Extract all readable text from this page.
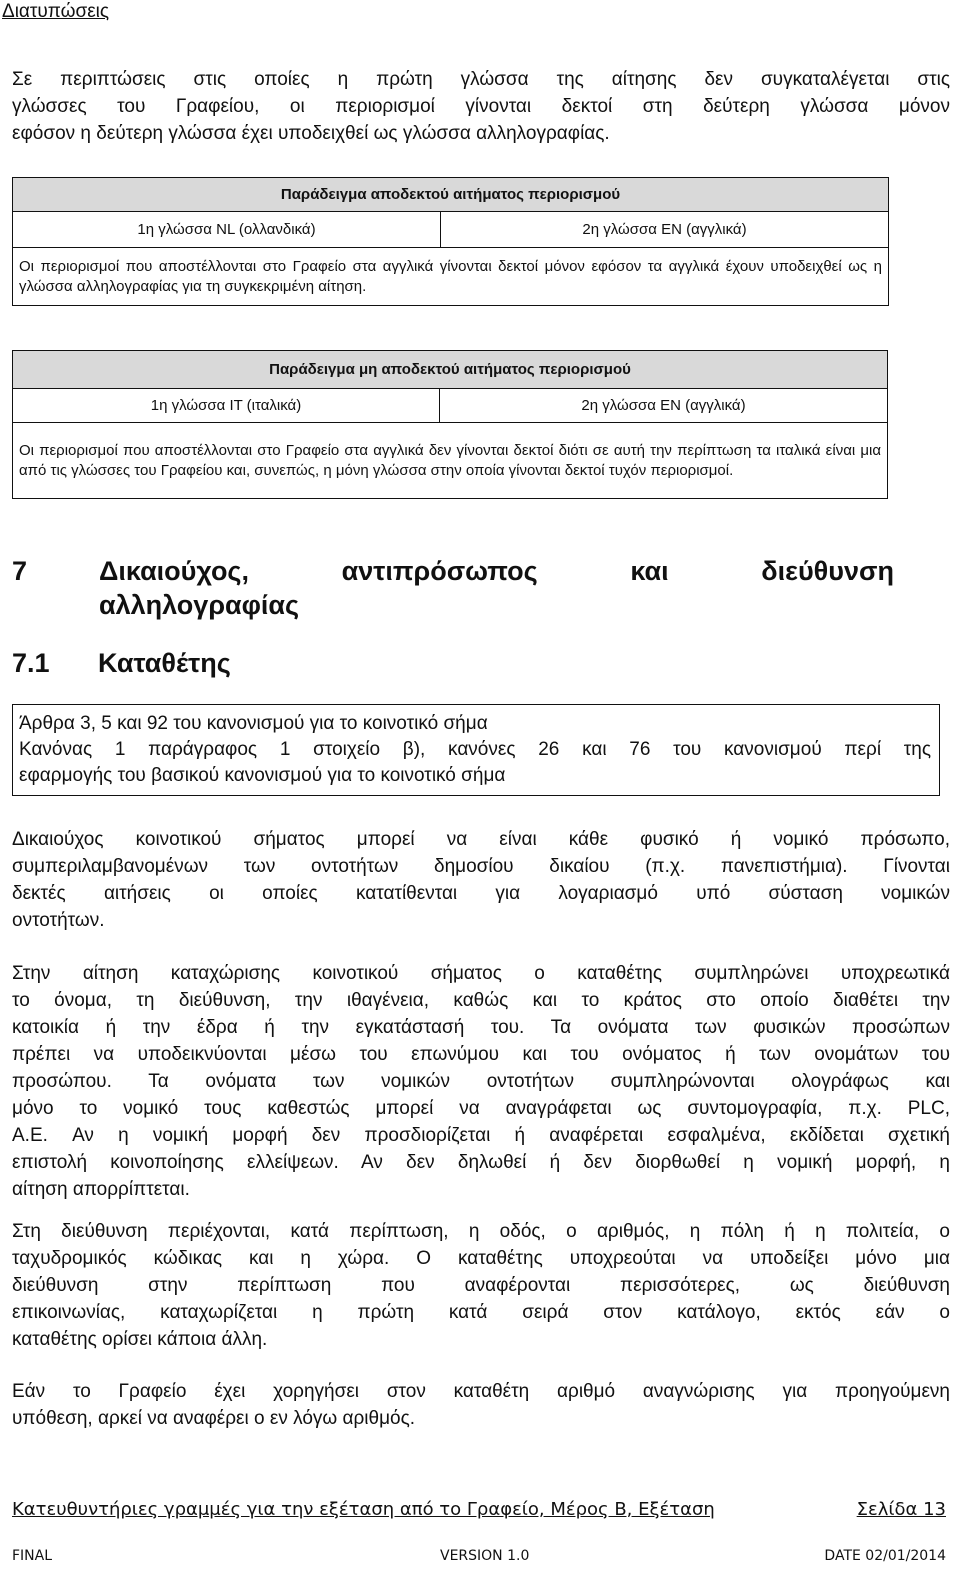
Διατυπώσεις
Σε περιπτώσεις στις οποίες η πρώτη γλώσσα της αίτησης δεν συγκαταλέγεται στις
γλώσσες του Γραφείου, οι περιορισμοί γίνονται δεκτοί στη δεύτερη γλώσσα μόνον
εφόσον η δεύτερη γλώσσα έχει υποδειχθεί ως γλώσσα αλληλογραφίας.
Παράδειγμα αποδεκτού αιτήματος περιορισμού
1η γλώσσα NL (ολλανδικά)	2η γλώσσα EN (αγγλικά)
Οι περιορισμοί που αποστέλλονται στο Γραφείο στα αγγλικά γίνονται δεκτοί μόνον εφόσον τα αγγλικά έχουν υποδειχθεί ως η γλώσσα αλληλογραφίας για τη συγκεκριμένη αίτηση.
Παράδειγμα μη αποδεκτού αιτήματος περιορισμού
1η γλώσσα IT (ιταλικά)	2η γλώσσα EN (αγγλικά)
Οι περιορισμοί που αποστέλλονται στο Γραφείο στα αγγλικά δεν γίνονται δεκτοί διότι σε αυτή την περίπτωση τα ιταλικά είναι μια από τις γλώσσες του Γραφείου και, συνεπώς, η μόνη γλώσσα στην οποία γίνονται δεκτοί τυχόν περιορισμοί.
7	Δικαιούχος,	αντιπρόσωπος	και	διεύθυνση
αλληλογραφίας
7.1 Καταθέτης
Άρθρα 3, 5 και 92 του κανονισμού για το κοινοτικό σήμα
Κανόνας 1 παράγραφος 1 στοιχείο β), κανόνες 26 και 76 του κανονισμού περί της
εφαρμογής του βασικού κανονισμού για το κοινοτικό σήμα
Δικαιούχος κοινοτικού σήματος μπορεί να είναι κάθε φυσικό ή νομικό πρόσωπο,
συμπεριλαμβανομένων των οντοτήτων δημοσίου δικαίου (π.χ. πανεπιστήμια). Γίνονται
δεκτές αιτήσεις οι οποίες κατατίθενται για λογαριασμό υπό σύσταση νομικών
οντοτήτων.
Στην αίτηση καταχώρισης κοινοτικού σήματος ο καταθέτης συμπληρώνει υποχρεωτικά
το όνομα, τη διεύθυνση, την ιθαγένεια, καθώς και το κράτος στο οποίο διαθέτει την
κατοικία ή την έδρα ή την εγκατάστασή του. Τα ονόματα των φυσικών προσώπων
πρέπει να υποδεικνύονται μέσω του επωνύμου και του ονόματος ή των ονομάτων του
προσώπου. Τα ονόματα των νομικών οντοτήτων συμπληρώνονται ολογράφως και
μόνο το νομικό τους καθεστώς μπορεί να αναγράφεται ως συντομογραφία, π.χ. PLC,
A.E. Αν η νομική μορφή δεν προσδιορίζεται ή αναφέρεται εσφαλμένα, εκδίδεται σχετική
επιστολή κοινοποίησης ελλείψεων. Αν δεν δηλωθεί ή δεν διορθωθεί η νομική μορφή, η
αίτηση απορρίπτεται.
Στη διεύθυνση περιέχονται, κατά περίπτωση, η οδός, ο αριθμός, η πόλη ή η πολιτεία, ο
ταχυδρομικός κώδικας και η χώρα. Ο καταθέτης υποχρεούται να υποδείξει μόνο μια
διεύθυνση στην περίπτωση που αναφέρονται περισσότερες, ως διεύθυνση
επικοινωνίας, καταχωρίζεται η πρώτη κατά σειρά στον κατάλογο, εκτός εάν ο
καταθέτης ορίσει κάποια άλλη.
Εάν το Γραφείο έχει χορηγήσει στον καταθέτη αριθμό αναγνώρισης για προηγούμενη
υπόθεση, αρκεί να αναφέρει ο εν λόγω αριθμός.
Κατευθυντήριες γραμμές για την εξέταση από το Γραφείο, Μέρος Β, Εξέταση	Σελίδα 13
FINAL	VERSION 1.0	DATE 02/01/2014
